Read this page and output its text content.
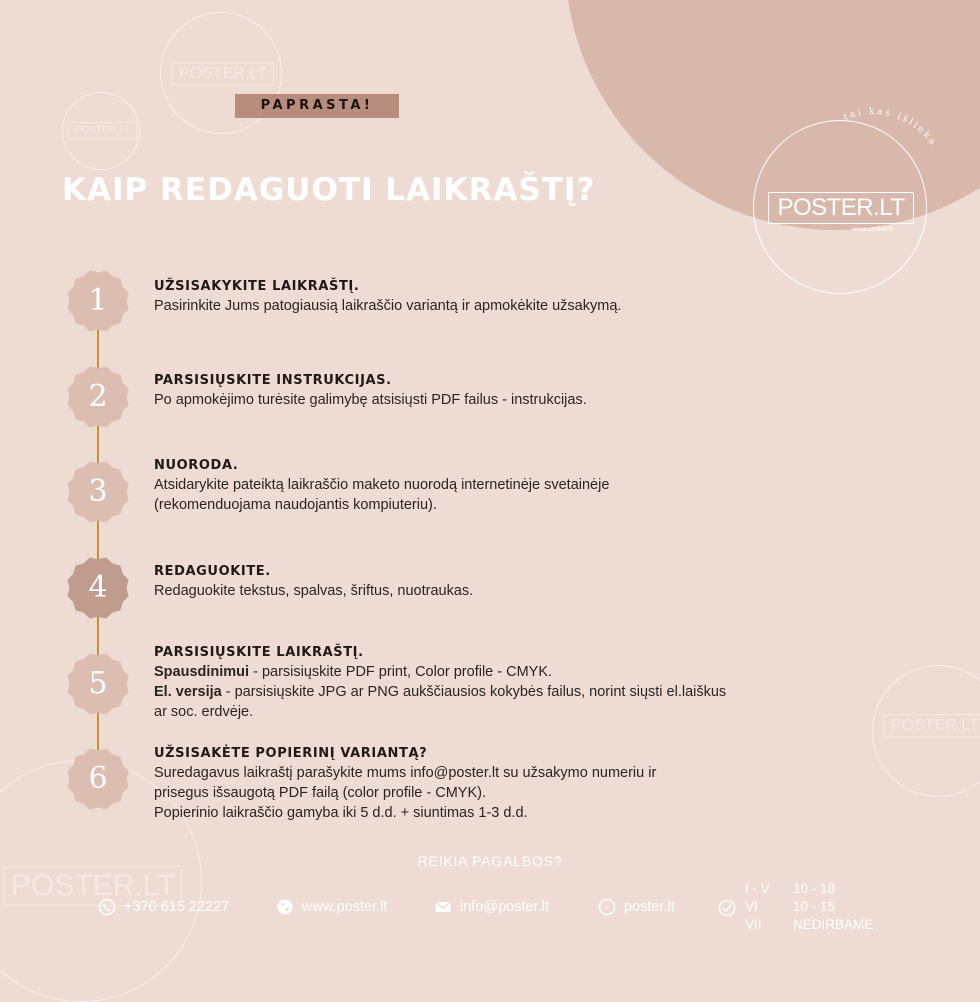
POSTER.LT
POSTER.LT
POSTER.LT
POSTER.LT
POSTER.LT
www.poster.lt
tai kas išlieka
PAPRASTA!
KAIP REDAGUOTI LAIKRAŠTĮ?
1
2
3
4
5
6
UŽSISAKYKITE LAIKRAŠTĮ.
Pasirinkite Jums patogiausią laikraščio variantą ir apmokėkite užsakymą.
PARSISIŲSKITE INSTRUKCIJAS.
Po apmokėjimo turėsite galimybę atsisiųsti PDF failus - instrukcijas.
NUORODA.
Atsidarykite pateiktą laikraščio maketo nuorodą internetinėje svetainėje
(rekomenduojama naudojantis kompiuteriu).
REDAGUOKITE.
Redaguokite tekstus, spalvas, šriftus, nuotraukas.
PARSISIŲSKITE LAIKRAŠTĮ.
Spausdinimui - parsisiųskite PDF print, Color profile - CMYK.
El. versija - parsisiųskite JPG ar PNG aukščiausios kokybės failus, norint siųsti el.laiškus
ar soc. erdvėje.
UŽSISAKĖTE POPIERINĮ VARIANTĄ?
Suredagavus laikraštį parašykite mums info@poster.lt su užsakymo numeriu ir
prisegus išsaugotą PDF failą (color profile - CMYK).
Popierinio laikraščio gamyba iki 5 d.d. + siuntimas 1-3 d.d.
REIKIA PAGALBOS?
+370 615 22227	www.poster.lt	info@poster.lt	poster.lt
I - V	10 - 18
VI	10 - 15
VII	NEDIRBAME
